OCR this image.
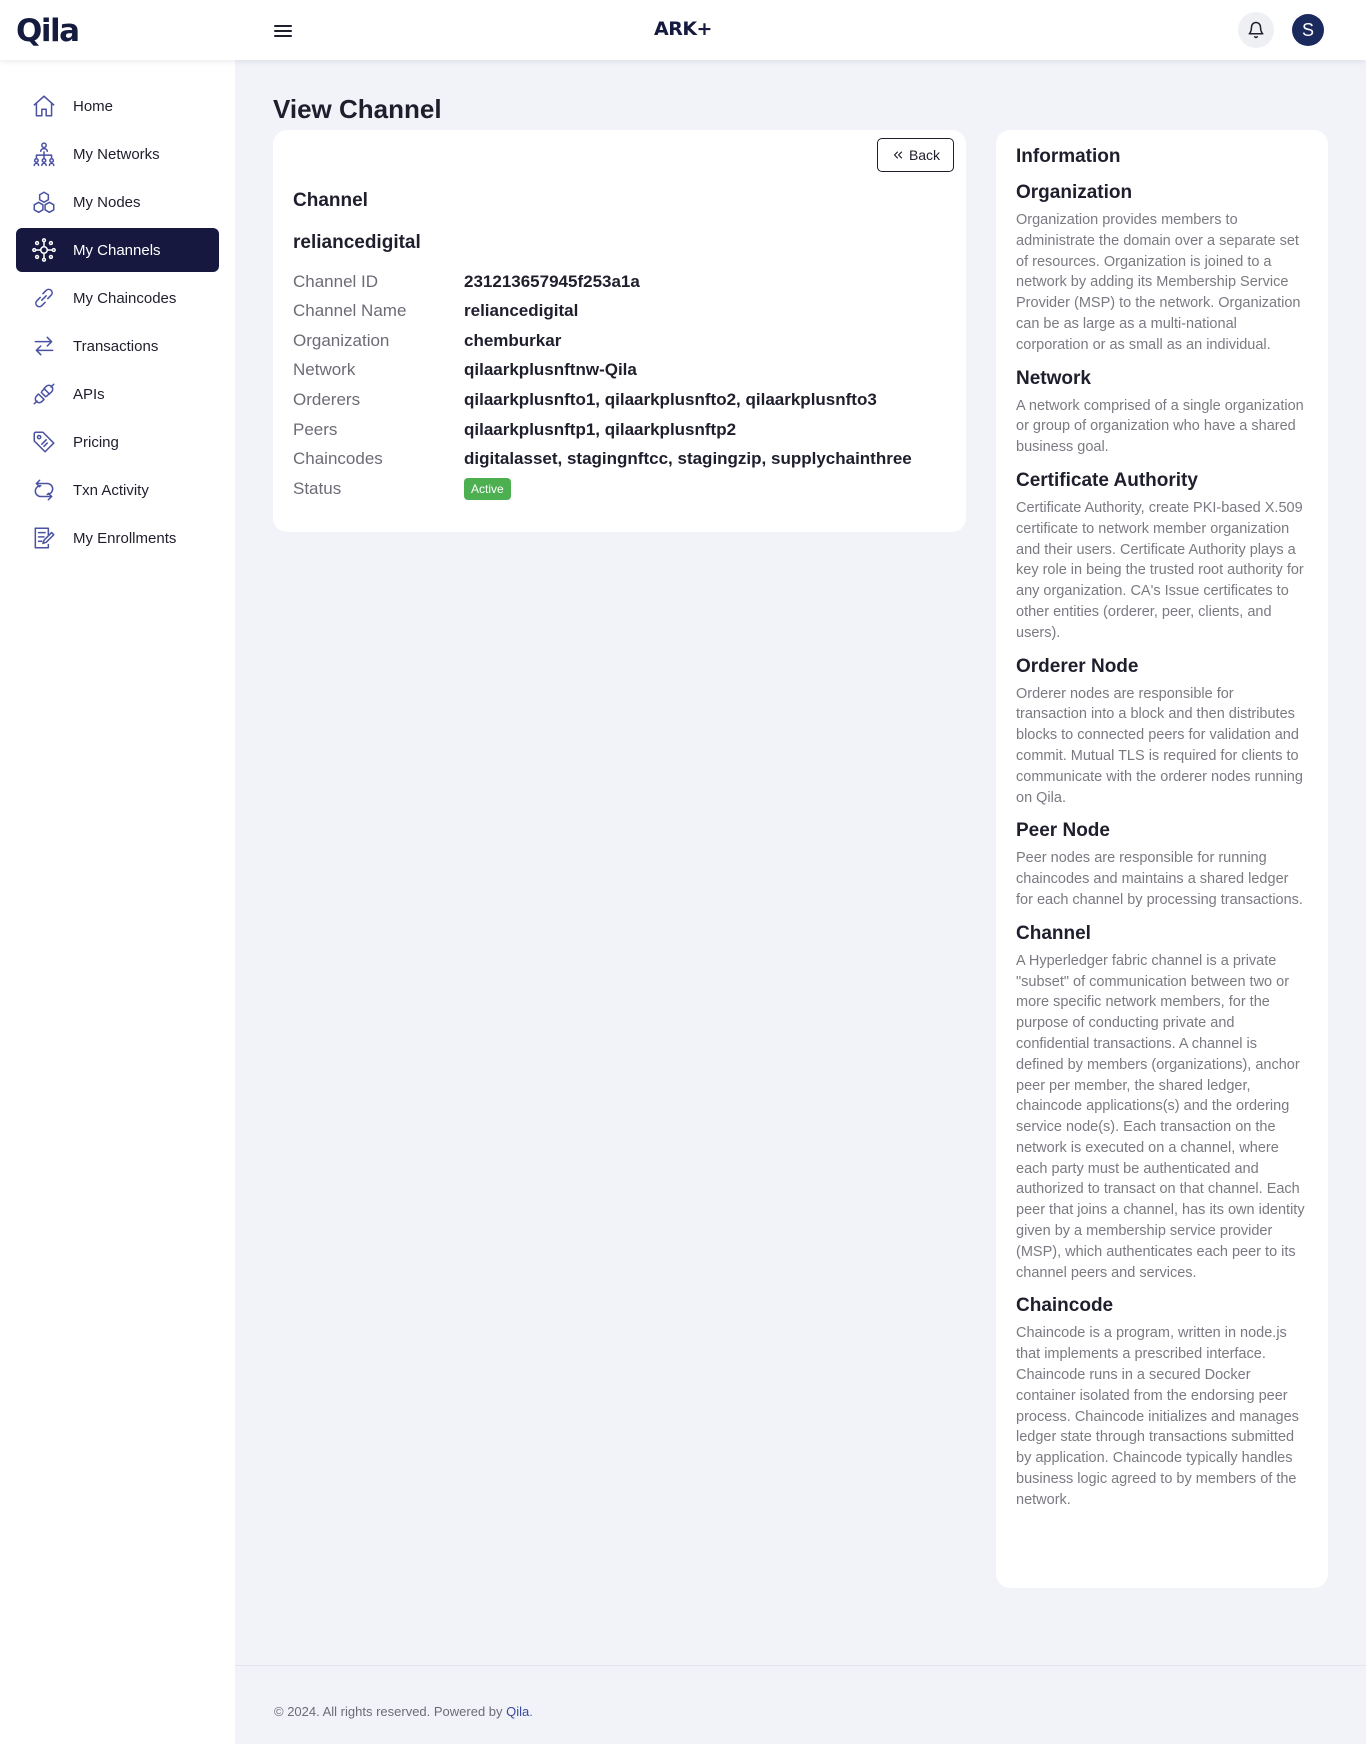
Qila	ARK+	S
Home
My Networks
My Nodes
My Channels
My Chaincodes
Transactions
APIs
Pricing
Txn Activity
My Enrollments
View Channel
Back
Channel
reliancedigital
Channel ID	231213657945f253a1a
Channel Name	reliancedigital
Organization	chemburkar
Network	qilaarkplusnftnw-Qila
Orderers	qilaarkplusnfto1, qilaarkplusnfto2, qilaarkplusnfto3
Peers	qilaarkplusnftp1, qilaarkplusnftp2
Chaincodes	digitalasset, stagingnftcc, stagingzip, supplychainthree
Status	Active
Information
Organization

Organization provides members to administrate the domain over a separate set of resources. Organization is joined to a network by adding its Membership Service Provider (MSP) to the network. Organization can be as large as a multi-national corporation or as small as an individual.

Network

A network comprised of a single organization or group of organization who have a shared business goal.

Certificate Authority

Certificate Authority, create PKI-based X.509 certificate to network member organization and their users. Certificate Authority plays a key role in being the trusted root authority for any organization. CA's Issue certificates to other entities (orderer, peer, clients, and users).

Orderer Node

Orderer nodes are responsible for transaction into a block and then distributes blocks to connected peers for validation and commit. Mutual TLS is required for clients to communicate with the orderer nodes running on Qila.

Peer Node

Peer nodes are responsible for running chaincodes and maintains a shared ledger for each channel by processing transactions.

Channel

A Hyperledger fabric channel is a private "subset" of communication between two or more specific network members, for the purpose of conducting private and confidential transactions. A channel is defined by members (organizations), anchor peer per member, the shared ledger, chaincode applications(s) and the ordering service node(s). Each transaction on the network is executed on a channel, where each party must be authenticated and authorized to transact on that channel. Each peer that joins a channel, has its own identity given by a membership service provider (MSP), which authenticates each peer to its channel peers and services.

Chaincode

Chaincode is a program, written in node.js that implements a prescribed interface. Chaincode runs in a secured Docker container isolated from the endorsing peer process. Chaincode initializes and manages ledger state through transactions submitted by application. Chaincode typically handles business logic agreed to by members of the network.

© 2024. All rights reserved. Powered by Qila.
